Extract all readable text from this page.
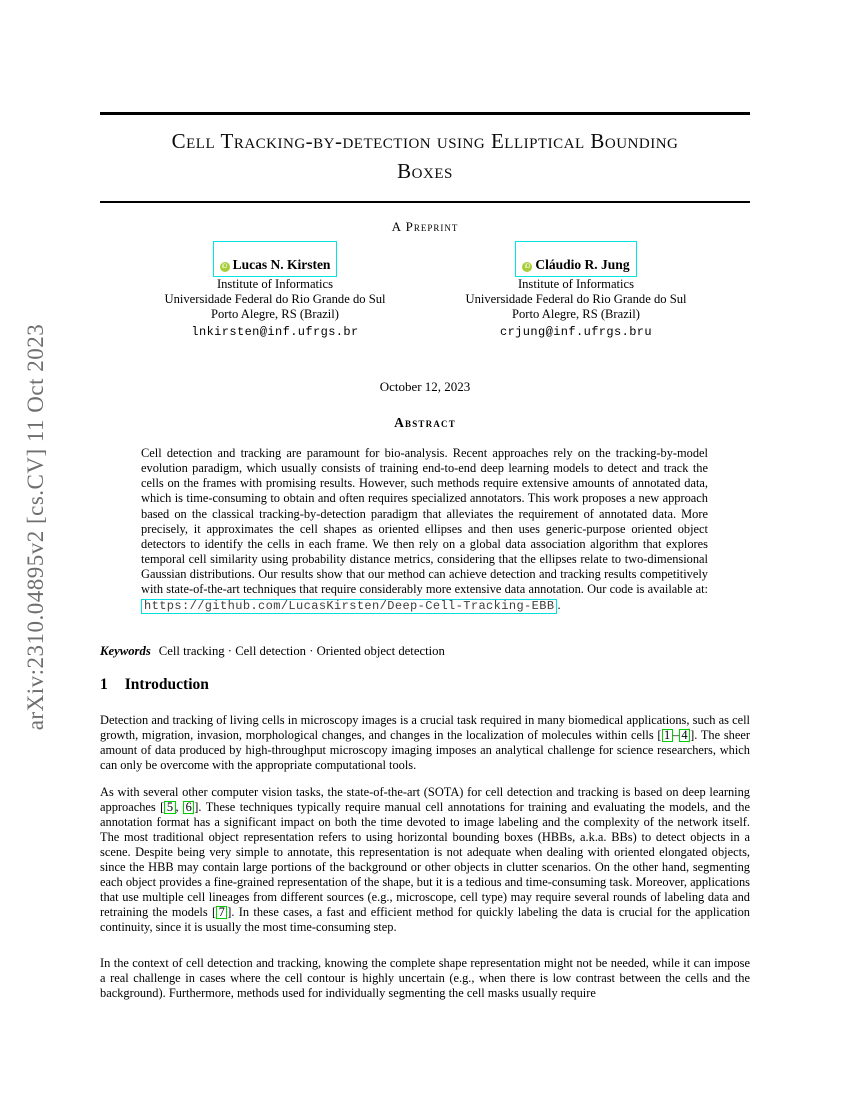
arXiv:2310.04895v2 [cs.CV] 11 Oct 2023
Cell Tracking-by-detection using Elliptical Bounding
Boxes
A Preprint
iD Lucas N. Kirsten
Institute of Informatics
Universidade Federal do Rio Grande do Sul
Porto Alegre, RS (Brazil)
lnkirsten@inf.ufrgs.br
iD Cláudio R. Jung
Institute of Informatics
Universidade Federal do Rio Grande do Sul
Porto Alegre, RS (Brazil)
crjung@inf.ufrgs.bru
October 12, 2023
Abstract
Cell detection and tracking are paramount for bio-analysis. Recent approaches rely on the tracking-by-model evolution paradigm, which usually consists of training end-to-end deep learning models to detect and track the cells on the frames with promising results. However, such methods require extensive amounts of annotated data, which is time-consuming to obtain and often requires specialized annotators. This work proposes a new approach based on the classical tracking-by-detection paradigm that alleviates the requirement of annotated data. More precisely, it approximates the cell shapes as oriented ellipses and then uses generic-purpose oriented object detectors to identify the cells in each frame. We then rely on a global data association algorithm that explores temporal cell similarity using probability distance metrics, considering that the ellipses relate to two-dimensional Gaussian distributions. Our results show that our method can achieve detection and tracking results competitively with state-of-the-art techniques that require considerably more extensive data annotation. Our code is available at: https://github.com/LucasKirsten/Deep-Cell-Tracking-EBB .
Keywords Cell tracking · Cell detection · Oriented object detection
1 Introduction

Detection and tracking of living cells in microscopy images is a crucial task required in many biomedical applications, such as cell growth, migration, invasion, morphological changes, and changes in the localization of molecules within cells [ 1 – 4 ]. The sheer amount of data produced by high-throughput microscopy imaging imposes an analytical challenge for science researchers, which can only be overcome with the appropriate computational tools.

As with several other computer vision tasks, the state-of-the-art (SOTA) for cell detection and tracking is based on deep learning approaches [ 5 , 6 ]. These techniques typically require manual cell annotations for training and evaluating the models, and the annotation format has a significant impact on both the time devoted to image labeling and the complexity of the network itself. The most traditional object representation refers to using horizontal bounding boxes (HBBs, a.k.a. BBs) to detect objects in a scene. Despite being very simple to annotate, this representation is not adequate when dealing with oriented elongated objects, since the HBB may contain large portions of the background or other objects in clutter scenarios. On the other hand, segmenting each object provides a fine-grained representation of the shape, but it is a tedious and time-consuming task. Moreover, applications that use multiple cell lineages from different sources (e.g., microscope, cell type) may require several rounds of labeling data and retraining the models [ 7 ]. In these cases, a fast and efficient method for quickly labeling the data is crucial for the application continuity, since it is usually the most time-consuming step.

In the context of cell detection and tracking, knowing the complete shape representation might not be needed, while it can impose a real challenge in cases where the cell contour is highly uncertain (e.g., when there is low contrast between the cells and the background). Furthermore, methods used for individually segmenting the cell masks usually require
